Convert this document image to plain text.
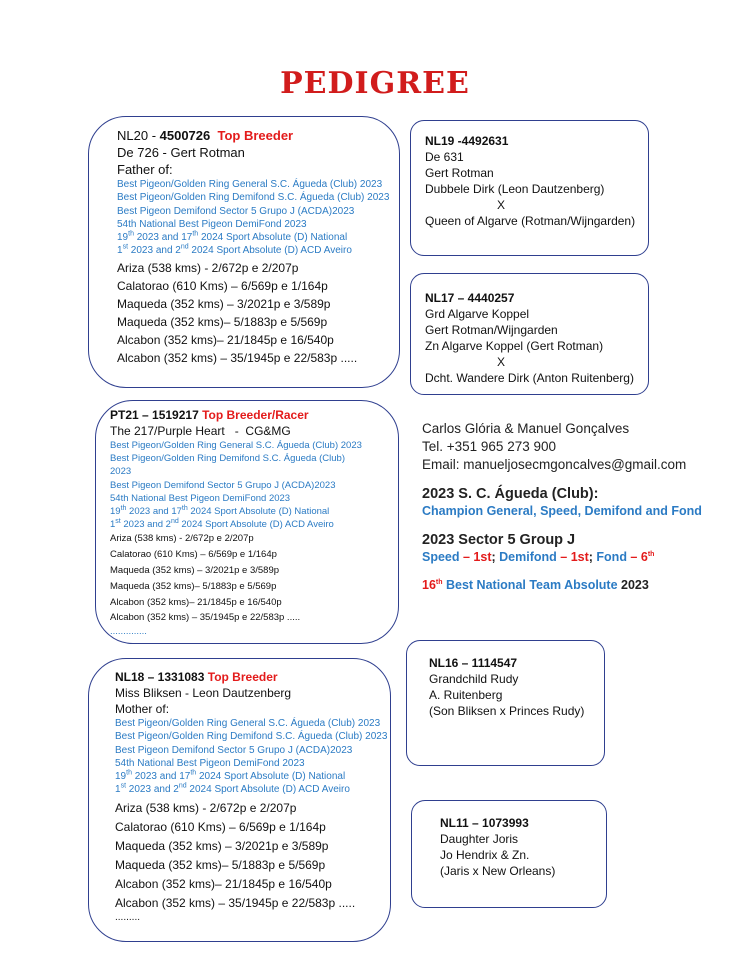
PEDIGREE
NL20 - 4500726 Top Breeder
De 726 - Gert Rotman
Father of:
Best Pigeon/Golden Ring General S.C. Águeda (Club) 2023
Best Pigeon/Golden Ring Demifond S.C. Águeda (Club) 2023
Best Pigeon Demifond Sector 5 Grupo J (ACDA)2023
54th National Best Pigeon DemiFond 2023
19th 2023 and 17th 2024 Sport Absolute (D) National
1st 2023 and 2nd 2024 Sport Absolute (D) ACD Aveiro
Ariza (538 kms) - 2/672p e 2/207p
Calatorao (610 Kms) – 6/569p e 1/164p
Maqueda (352 kms) – 3/2021p e 3/589p
Maqueda (352 kms)– 5/1883p e 5/569p
Alcabon (352 kms)– 21/1845p e 16/540p
Alcabon (352 kms) – 35/1945p e 22/583p .....
NL19 -4492631
De 631
Gert Rotman
Dubbele Dirk (Leon Dautzenberg)
X
Queen of Algarve (Rotman/Wijngarden)
NL17 – 4440257
Grd Algarve Koppel
Gert Rotman/Wijngarden
Zn Algarve Koppel (Gert Rotman)
X
Dcht. Wandere Dirk (Anton Ruitenberg)
PT21 – 1519217 Top Breeder/Racer
The 217/Purple Heart   -  CG&MG
Best Pigeon/Golden Ring General S.C. Águeda (Club) 2023
Best Pigeon/Golden Ring Demifond S.C. Águeda (Club)
2023
Best Pigeon Demifond Sector 5 Grupo J (ACDA)2023
54th National Best Pigeon DemiFond 2023
19th 2023 and 17th 2024 Sport Absolute (D) National
1st 2023 and 2nd 2024 Sport Absolute (D) ACD Aveiro
Ariza (538 kms) - 2/672p e 2/207p
Calatorao (610 Kms) – 6/569p e 1/164p
Maqueda (352 kms) – 3/2021p e 3/589p
Maqueda (352 kms)– 5/1883p e 5/569p
Alcabon (352 kms)– 21/1845p e 16/540p
Alcabon (352 kms) – 35/1945p e 22/583p .....
..............
Carlos Glória & Manuel Gonçalves
Tel. +351 965 273 900
Email: manueljosecmgoncalves@gmail.com
2023 S. C. Águeda (Club):
Champion General, Speed, Demifond and Fond
2023 Sector 5 Group J
Speed – 1st; Demifond – 1st; Fond – 6th
16th Best National Team Absolute 2023
NL18 – 1331083 Top Breeder
Miss Bliksen - Leon Dautzenberg
Mother of:
Best Pigeon/Golden Ring General S.C. Águeda (Club) 2023
Best Pigeon/Golden Ring Demifond S.C. Águeda (Club) 2023
Best Pigeon Demifond Sector 5 Grupo J (ACDA)2023
54th National Best Pigeon DemiFond 2023
19th 2023 and 17th 2024 Sport Absolute (D) National
1st 2023 and 2nd 2024 Sport Absolute (D) ACD Aveiro
Ariza (538 kms) - 2/672p e 2/207p
Calatorao (610 Kms) – 6/569p e 1/164p
Maqueda (352 kms) – 3/2021p e 3/589p
Maqueda (352 kms)– 5/1883p e 5/569p
Alcabon (352 kms)– 21/1845p e 16/540p
Alcabon (352 kms) – 35/1945p e 22/583p .....
.........
NL16 – 1114547
Grandchild Rudy
A. Ruitenberg
(Son Bliksen x Princes Rudy)
NL11 – 1073993
Daughter Joris
Jo Hendrix & Zn.
(Jaris x New Orleans)
